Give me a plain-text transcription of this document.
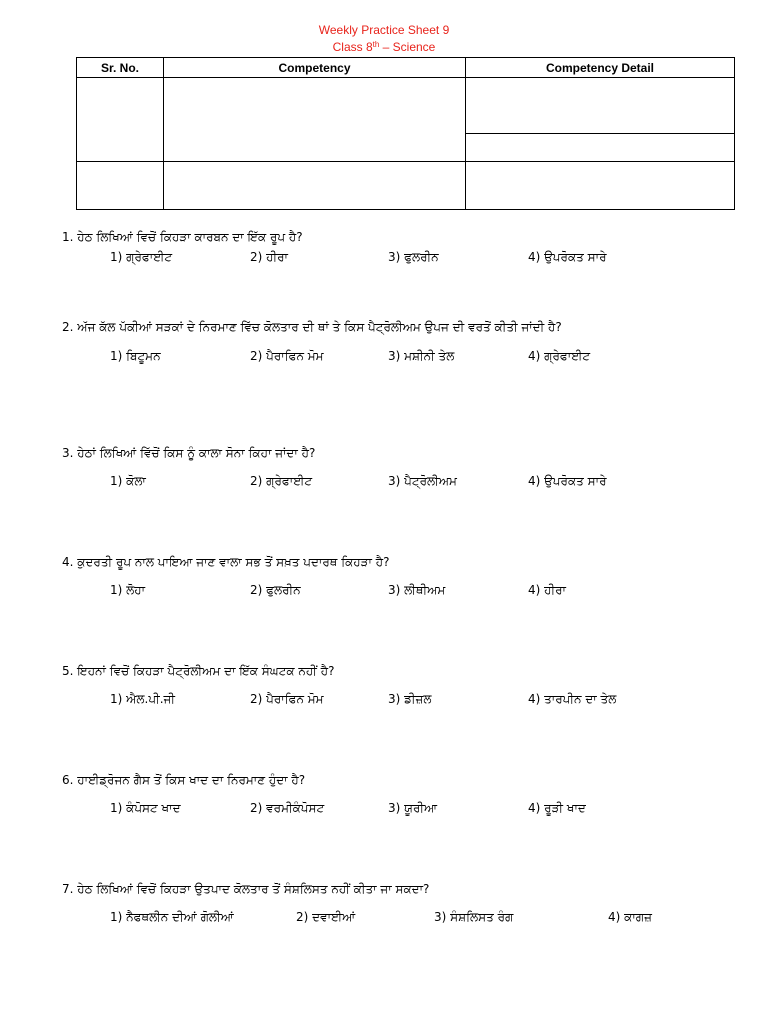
Weekly Practice Sheet 9
Class 8th – Science
Sr. No.	Competency	Competency Detail

1. ਹੇਠ ਲਿਖਿਆਂ ਵਿਚੋਂ ਕਿਹੜਾ ਕਾਰਬਨ ਦਾ ਇੱਕ ਰੂਪ ਹੈ?
1) ਗ੍ਰੇਫਾਈਟ	2) ਹੀਰਾ	3) ਫੁਲਰੀਨ	4) ਉਪਰੋਕਤ ਸਾਰੇ
2. ਅੱਜ ਕੱਲ ਪੱਕੀਆਂ ਸੜਕਾਂ ਦੇ ਨਿਰਮਾਣ ਵਿੱਚ ਕੋਲਤਾਰ ਦੀ ਥਾਂ ਤੇ ਕਿਸ ਪੈਟ੍ਰੋਲੀਅਮ ਉਪਜ ਦੀ ਵਰਤੋਂ ਕੀਤੀ ਜਾਂਦੀ ਹੈ?
1) ਬਿਟੂਮਨ	2) ਪੈਰਾਫਿਨ ਮੋਮ	3) ਮਸ਼ੀਨੀ ਤੇਲ	4) ਗ੍ਰੇਫਾਈਟ
3. ਹੇਠਾਂ ਲਿਖਿਆਂ ਵਿੱਚੋਂ ਕਿਸ ਨੂੰ ਕਾਲਾ ਸੋਨਾ ਕਿਹਾ ਜਾਂਦਾ ਹੈ?
1) ਕੋਲਾ	2) ਗ੍ਰੇਫਾਈਟ	3) ਪੈਟ੍ਰੋਲੀਅਮ	4) ਉਪਰੋਕਤ ਸਾਰੇ
4. ਕੁਦਰਤੀ ਰੂਪ ਨਾਲ ਪਾਇਆ ਜਾਣ ਵਾਲਾ ਸਭ ਤੋਂ ਸਖ਼ਤ ਪਦਾਰਥ ਕਿਹੜਾ ਹੈ?
1) ਲੋਹਾ	2) ਫੁਲਰੀਨ	3) ਲੀਥੀਅਮ	4) ਹੀਰਾ
5. ਇਹਨਾਂ ਵਿਚੋਂ ਕਿਹੜਾ ਪੈਟ੍ਰੋਲੀਅਮ ਦਾ ਇੱਕ ਸੰਘਟਕ ਨਹੀਂ ਹੈ?
1) ਐਲ.ਪੀ.ਜੀ	2) ਪੈਰਾਫਿਨ ਮੋਮ	3) ਡੀਜ਼ਲ	4) ਤਾਰਪੀਨ ਦਾ ਤੇਲ
6. ਹਾਈਡ੍ਰੋਜਨ ਗੈਸ ਤੋਂ ਕਿਸ ਖਾਦ ਦਾ ਨਿਰਮਾਣ ਹੁੰਦਾ ਹੈ?
1) ਕੰਪੋਸਟ ਖਾਦ	2) ਵਰਮੀਕੰਪੋਸਟ	3) ਯੂਰੀਆ	4) ਰੂੜੀ ਖਾਦ
7. ਹੇਠ ਲਿਖਿਆਂ ਵਿਚੋਂ ਕਿਹੜਾ ਉਤਪਾਦ ਕੋਲਤਾਰ ਤੋਂ ਸੰਸ਼ਲਿਸਤ ਨਹੀਂ ਕੀਤਾ ਜਾ ਸਕਦਾ?
1) ਨੈਫਥਲੀਨ ਦੀਆਂ ਗੋਲੀਆਂ	2) ਦਵਾਈਆਂ	3) ਸੰਸ਼ਲਿਸਤ ਰੰਗ	4) ਕਾਗਜ਼
